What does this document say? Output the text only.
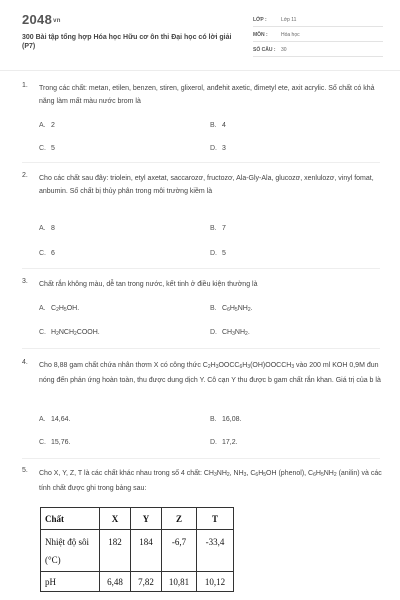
2048vn
300 Bài tập tổng hợp Hóa học Hữu cơ ôn thi Đại học có lời giải (P7)
LỚP :	Lớp 11
MÔN :	Hóa học
SỐ CÂU : 30
1. Trong các chất: metan, etilen, benzen, stiren, glixerol, anđehit axetic, đimetyl ete, axit acrylic. Số chất có khả năng làm mất màu nước brom là
A. 2	B. 4
C. 5	D. 3
2. Cho các chất sau đây: triolein, etyl axetat, saccarozơ, fructozơ, Ala-Gly-Ala, glucozơ, xenlulozơ, vinyl fomat, anbumin. Số chất bị thủy phân trong môi trường kiềm là
A. 8	B. 7
C. 6	D. 5
3. Chất rắn không màu, dễ tan trong nước, kết tinh ở điều kiện thường là
A. $C_2H_5OH$.	B. $C_6H_5NH_2$.
C. $H_2NCH_2COOH$.	D. $CH_3NH_2$.
4. Cho 8,88 gam chất chứa nhân thơm X có công thức $C_2H_3OOCC_6H_3(OH)OOCCH_3$ vào 200 ml KOH 0,9M đun nóng đến phản ứng hoàn toàn, thu được dung dịch Y. Cô cạn Y thu được b gam chất rắn khan. Giá trị của b là
A. 14,64.	B. 16,08.
C. 15,76.	D. 17,2.
5. Cho X, Y, Z, T là các chất khác nhau trong số 4 chất: $CH_3NH_2$, $NH_3$, $C_6H_5OH$ (phenol), $C_6H_5NH_2$ (anilin) và các tính chất được ghi trong bảng sau:
Chất	X	Y	Z	T
Nhiệt độ sôi (°C)	182	184	-6,7	-33,4
pH	6,48	7,82	10,81	10,12
